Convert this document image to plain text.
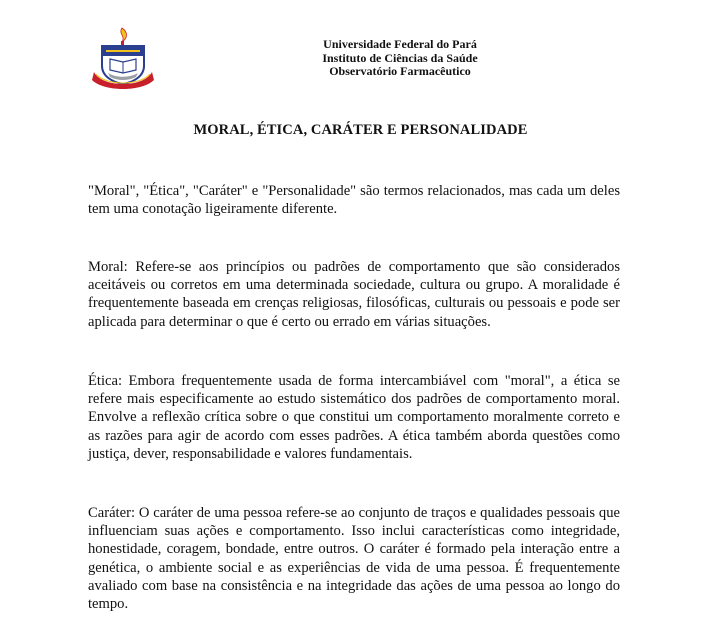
Universidade Federal do Pará
Instituto de Ciências da Saúde
Observatório Farmacêutico
MORAL, ÉTICA, CARÁTER E PERSONALIDADE

"Moral", "Ética", "Caráter" e "Personalidade" são termos relacionados, mas cada um deles tem uma conotação ligeiramente diferente.

Moral: Refere-se aos princípios ou padrões de comportamento que são considerados aceitáveis ou corretos em uma determinada sociedade, cultura ou grupo. A moralidade é frequentemente baseada em crenças religiosas, filosóficas, culturais ou pessoais e pode ser aplicada para determinar o que é certo ou errado em várias situações.

Ética: Embora frequentemente usada de forma intercambiável com "moral", a ética se refere mais especificamente ao estudo sistemático dos padrões de comportamento moral. Envolve a reflexão crítica sobre o que constitui um comportamento moralmente correto e as razões para agir de acordo com esses padrões. A ética também aborda questões como justiça, dever, responsabilidade e valores fundamentais.

Caráter: O caráter de uma pessoa refere-se ao conjunto de traços e qualidades pessoais que influenciam suas ações e comportamento. Isso inclui características como integridade, honestidade, coragem, bondade, entre outros. O caráter é formado pela interação entre a genética, o ambiente social e as experiências de vida de uma pessoa. É frequentemente avaliado com base na consistência e na integridade das ações de uma pessoa ao longo do tempo.
